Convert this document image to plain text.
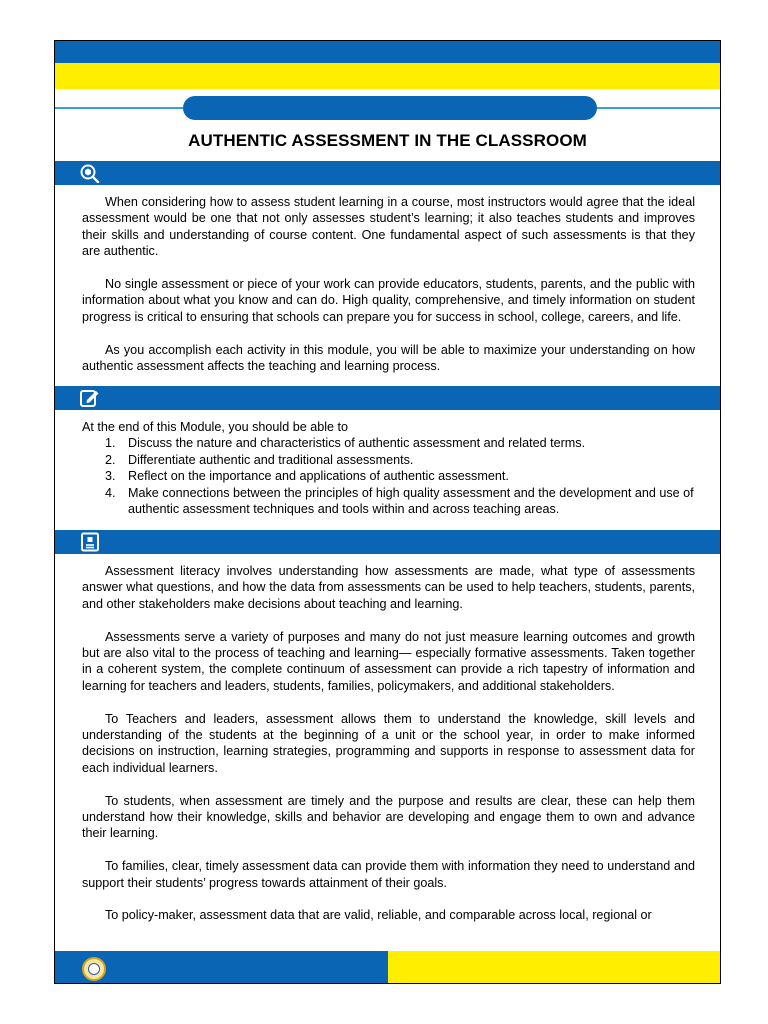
AUTHENTIC ASSESSMENT IN THE CLASSROOM

When considering how to assess student learning in a course, most instructors would agree that the ideal assessment would be one that not only assesses student’s learning; it also teaches students and improves their skills and understanding of course content. One fundamental aspect of such assessments is that they are authentic.

No single assessment or piece of your work can provide educators, students, parents, and the public with information about what you know and can do. High quality, comprehensive, and timely information on student progress is critical to ensuring that schools can prepare you for success in school, college, careers, and life.

As you accomplish each activity in this module, you will be able to maximize your understanding on how authentic assessment affects the teaching and learning process.

At the end of this Module, you should be able to
1. Discuss the nature and characteristics of authentic assessment and related terms.
2. Differentiate authentic and traditional assessments.
3. Reflect on the importance and applications of authentic assessment.
4. Make connections between the principles of high quality assessment and the development and use of authentic assessment techniques and tools within and across teaching areas.

Assessment literacy involves understanding how assessments are made, what type of assessments answer what questions, and how the data from assessments can be used to help teachers, students, parents, and other stakeholders make decisions about teaching and learning.

Assessments serve a variety of purposes and many do not just measure learning outcomes and growth but are also vital to the process of teaching and learning— especially formative assessments. Taken together in a coherent system, the complete continuum of assessment can provide a rich tapestry of information and learning for teachers and leaders, students, families, policymakers, and additional stakeholders.

To Teachers and leaders, assessment allows them to understand the knowledge, skill levels and understanding of the students at the beginning of a unit or the school year, in order to make informed decisions on instruction, learning strategies, programming and supports in response to assessment data for each individual learners.

To students, when assessment are timely and the purpose and results are clear, these can help them understand how their knowledge, skills and behavior are developing and engage them to own and advance their learning.

To families, clear, timely assessment data can provide them with information they need to understand and support their students’ progress towards attainment of their goals.

To policy-maker, assessment data that are valid, reliable, and comparable across local, regional or
